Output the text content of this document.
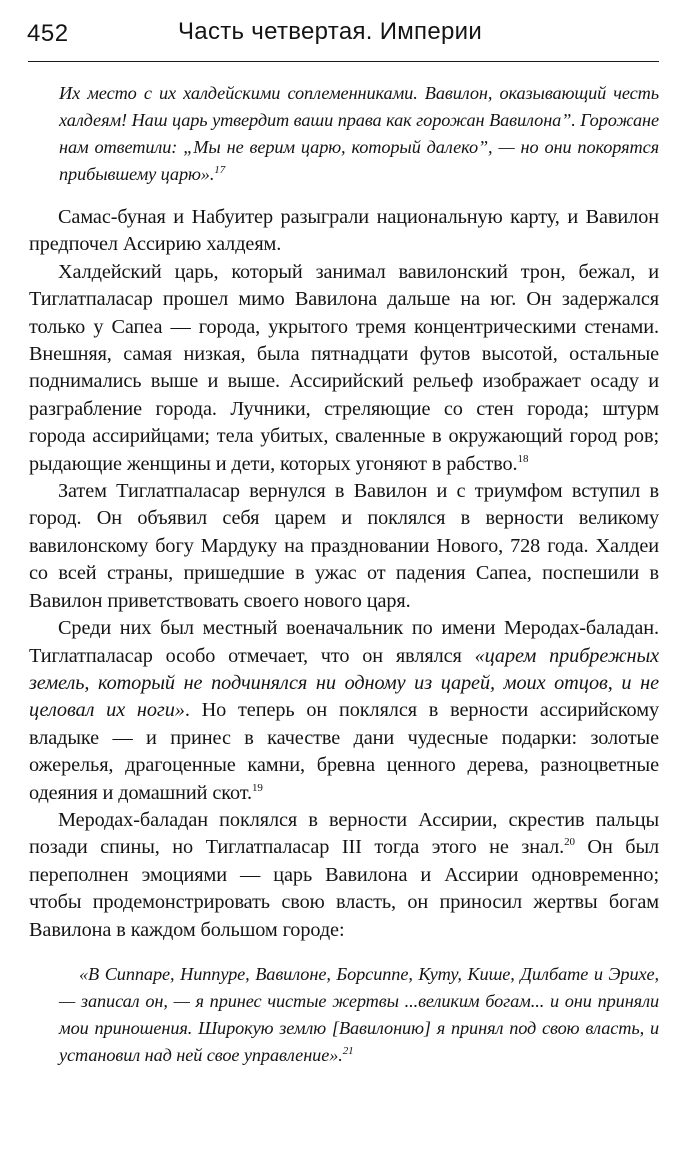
452	Часть четвертая. Империи

Их место с их халдейскими соплеменниками. Вавилон, оказывающий честь халдеям! Наш царь утвердит ваши права как горожан Вавилона”. Горожане нам ответили: „Мы не верим царю, который далеко”, — но они покорятся прибывшему царю».$^{17}$

Самас-буная и Набуитер разыграли национальную карту, и Вавилон предпочел Ассирию халдеям.

Халдейский царь, который занимал вавилонский трон, бежал, и Тиглатпаласар прошел мимо Вавилона дальше на юг. Он задержался только у Сапеа — города, укрытого тремя концентрическими стенами. Внешняя, самая низкая, была пятнадцати футов высотой, остальные поднимались выше и выше. Ассирийский рельеф изображает осаду и разграбление города. Лучники, стреляющие со стен города; штурм города ассирийцами; тела убитых, сваленные в окружающий город ров; рыдающие женщины и дети, которых угоняют в рабство.$^{18}$

Затем Тиглатпаласар вернулся в Вавилон и с триумфом вступил в город. Он объявил себя царем и поклялся в верности великому вавилонскому богу Мардуку на праздновании Нового, 728 года. Халдеи со всей страны, пришедшие в ужас от падения Сапеа, поспешили в Вавилон приветствовать своего нового царя.

Среди них был местный военачальник по имени Меродах-баладан. Тиглатпаласар особо отмечает, что он являлся «царем прибрежных земель, который не подчинялся ни одному из царей, моих отцов, и не целовал их ноги». Но теперь он поклялся в верности ассирийскому владыке — и принес в качестве дани чудесные подарки: золотые ожерелья, драгоценные камни, бревна ценного дерева, разноцветные одеяния и домашний скот.$^{19}$

Меродах-баладан поклялся в верности Ассирии, скрестив пальцы позади спины, но Тиглатпаласар III тогда этого не знал.$^{20}$ Он был переполнен эмоциями — царь Вавилона и Ассирии одновременно; чтобы продемонстрировать свою власть, он приносил жертвы богам Вавилона в каждом большом городе:

«В Сиппаре, Ниппуре, Вавилоне, Борсиппе, Куту, Кише, Дилбате и Эрихе, — записал он, — я принес чистые жертвы ...великим богам... и они приняли мои приношения. Широкую землю [Вавилонию] я принял под свою власть, и установил над ней свое управление».$^{21}$
